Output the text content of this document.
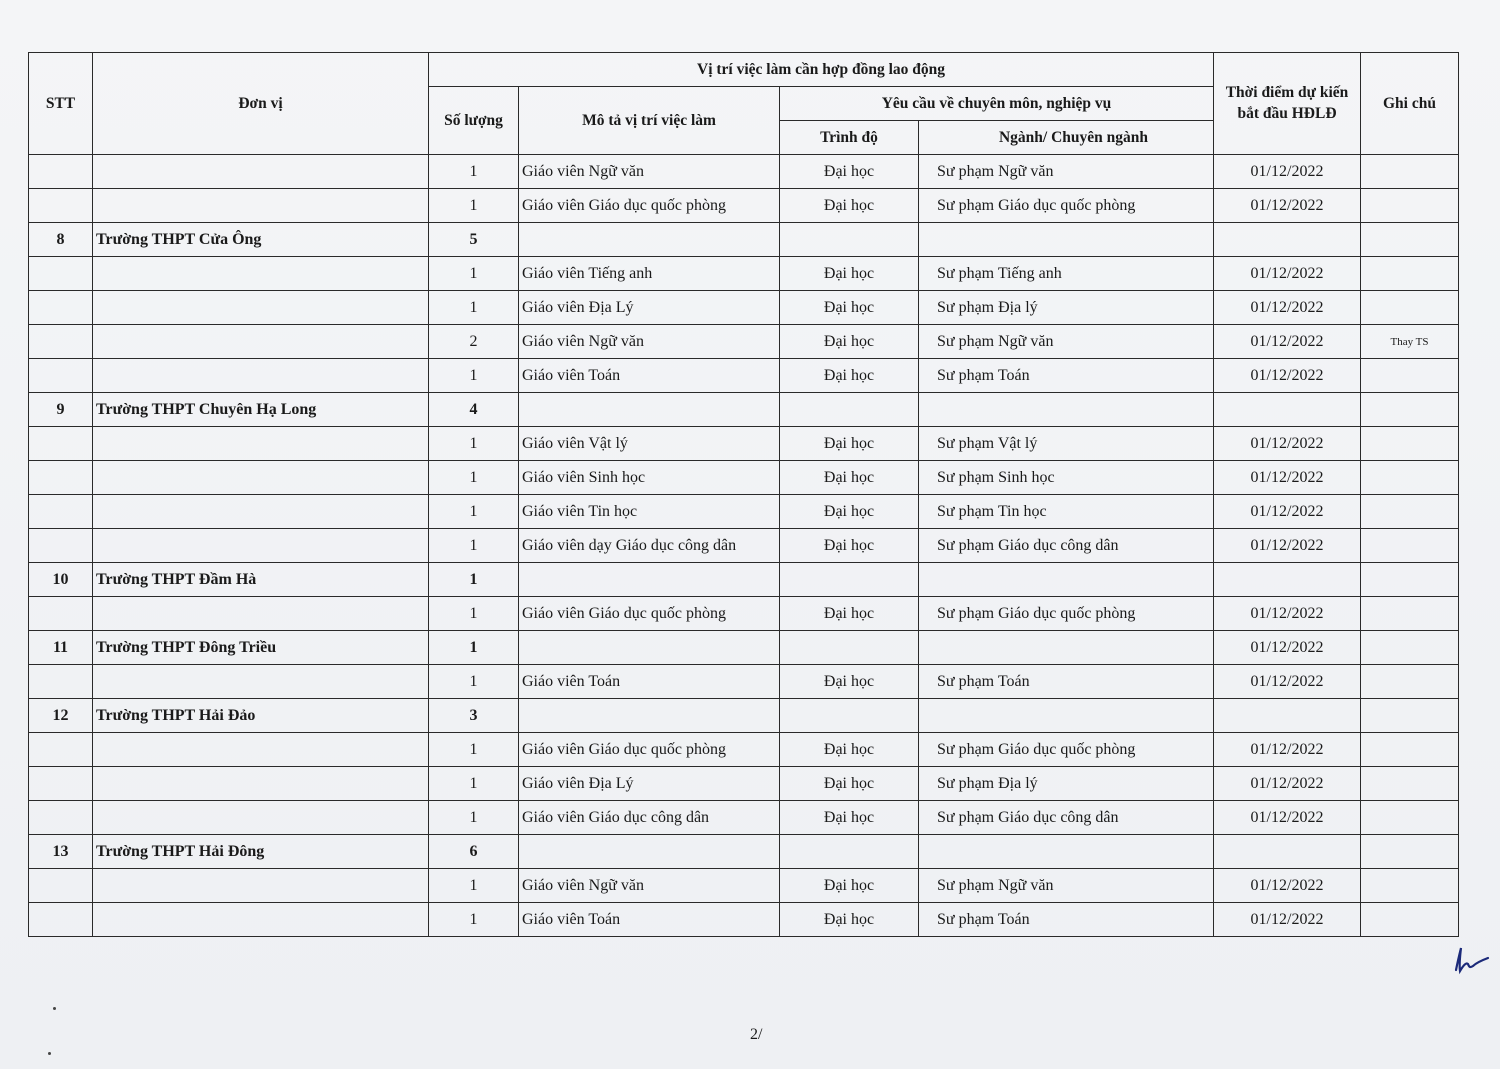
STT	Đơn vị	Vị trí việc làm cần hợp đồng lao động				Thời điểm dự kiến bắt đầu HĐLĐ	Ghi chú
		Số lượng	Mô tả vị trí việc làm	Yêu cầu về chuyên môn, nghiệp vụ			
				Trình độ	Ngành/ Chuyên ngành		
		1	Giáo viên Ngữ văn	Đại học	Sư phạm Ngữ văn	01/12/2022	
		1	Giáo viên Giáo dục quốc phòng	Đại học	Sư phạm Giáo dục quốc phòng	01/12/2022	
8	Trường THPT Cửa Ông	5					
		1	Giáo viên Tiếng anh	Đại học	Sư phạm Tiếng anh	01/12/2022	
		1	Giáo viên Địa Lý	Đại học	Sư phạm Địa lý	01/12/2022	
		2	Giáo viên Ngữ văn	Đại học	Sư phạm Ngữ văn	01/12/2022	Thay TS
		1	Giáo viên Toán	Đại học	Sư phạm Toán	01/12/2022	
9	Trường THPT Chuyên Hạ Long	4					
		1	Giáo viên Vật lý	Đại học	Sư phạm Vật lý	01/12/2022	
		1	Giáo viên Sinh học	Đại học	Sư phạm Sinh học	01/12/2022	
		1	Giáo viên Tin học	Đại học	Sư phạm Tin học	01/12/2022	
		1	Giáo viên dạy Giáo dục công dân	Đại học	Sư phạm Giáo dục công dân	01/12/2022	
10	Trường THPT Đầm Hà	1					
		1	Giáo viên Giáo dục quốc phòng	Đại học	Sư phạm Giáo dục quốc phòng	01/12/2022	
11	Trường THPT Đông Triều	1				01/12/2022	
		1	Giáo viên Toán	Đại học	Sư phạm Toán	01/12/2022	
12	Trường THPT Hải Đảo	3					
		1	Giáo viên Giáo dục quốc phòng	Đại học	Sư phạm Giáo dục quốc phòng	01/12/2022	
		1	Giáo viên Địa Lý	Đại học	Sư phạm Địa lý	01/12/2022	
		1	Giáo viên Giáo dục công dân	Đại học	Sư phạm Giáo dục công dân	01/12/2022	
13	Trường THPT Hải Đông	6					
		1	Giáo viên Ngữ văn	Đại học	Sư phạm Ngữ văn	01/12/2022	
		1	Giáo viên Toán	Đại học	Sư phạm Toán	01/12/2022	
2/
